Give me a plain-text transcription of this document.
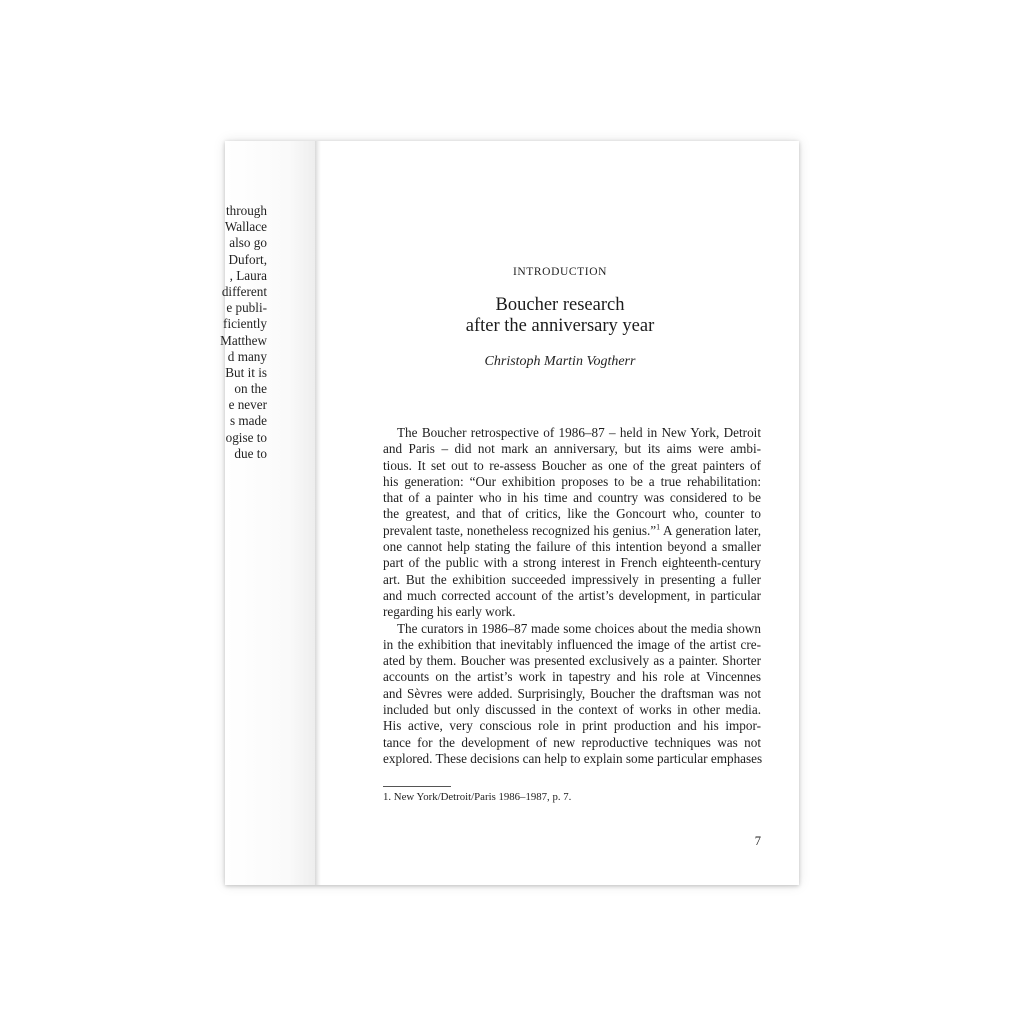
through
Wallace
also go
Dufort,
, Laura
different
e publi-
ficiently
Matthew
d many
But it is
on the
e never
s made
ogise to
due to
INTRODUCTION
Boucher research
after the anniversary year
Christoph Martin Vogtherr
The Boucher retrospective of 1986–87 – held in New York, Detroit
and Paris – did not mark an anniversary, but its aims were ambi-
tious. It set out to re-assess Boucher as one of the great painters of
his generation: “Our exhibition proposes to be a true rehabilitation:
that of a painter who in his time and country was considered to be
the greatest, and that of critics, like the Goncourt who, counter to
prevalent taste, nonetheless recognized his genius.”$^1$ A generation later,
one cannot help stating the failure of this intention beyond a smaller
part of the public with a strong interest in French eighteenth-century
art. But the exhibition succeeded impressively in presenting a fuller
and much corrected account of the artist’s development, in particular
regarding his early work.
The curators in 1986–87 made some choices about the media shown
in the exhibition that inevitably influenced the image of the artist cre-
ated by them. Boucher was presented exclusively as a painter. Shorter
accounts on the artist’s work in tapestry and his role at Vincennes
and Sèvres were added. Surprisingly, Boucher the draftsman was not
included but only discussed in the context of works in other media.
His active, very conscious role in print production and his impor-
tance for the development of new reproductive techniques was not
explored. These decisions can help to explain some particular emphases
1. New York/Detroit/Paris 1986–1987, p. 7.
7
